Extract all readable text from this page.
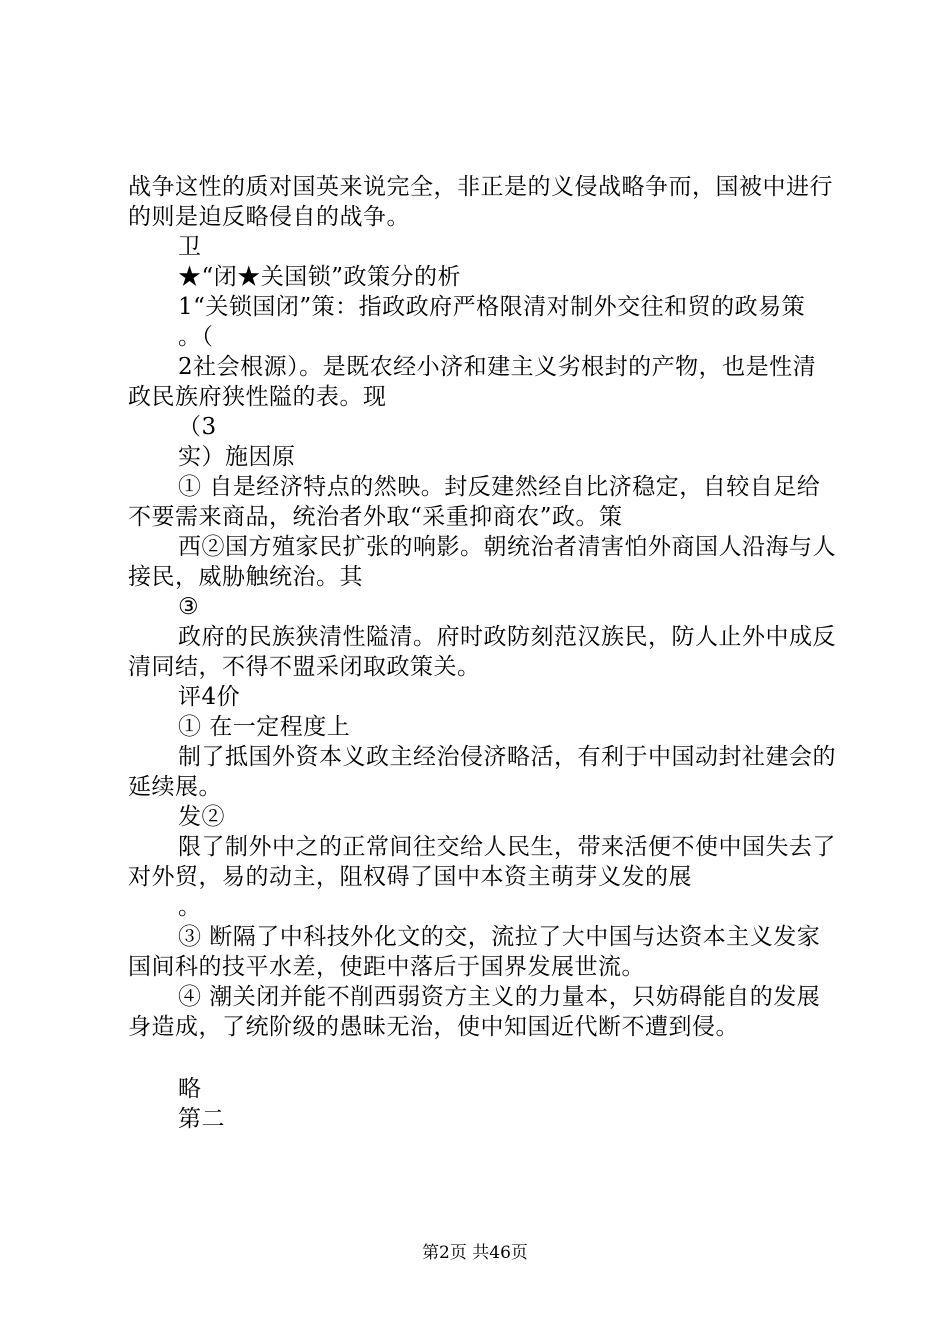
战争这性的质对国英来说完全，非正是的义侵战略争而，国被中进行的则是迫反略侵自的战争。

卫

★“闭★关国锁”政策分的析

1“关锁国闭”策：指政政府严格限清对制外交往和贸的政易策

。（

2社会根源）。是既农经小济和建主义劣根封的产物，也是性清政民族府狭性隘的表。现

（3

实）施因原

① 自是经济特点的然映。封反建然经自比济稳定，自较自足给不要需来商品，统治者外取“采重抑商农”政。策

西②国方殖家民扩张的响影。朝统治者清害怕外商国人沿海与人接民，威胁触统治。其

③

政府的民族狭清性隘清。府时政防刻范汉族民，防人止外中成反清同结，不得不盟采闭取政策关。

评4价

① 在一定程度上

制了抵国外资本义政主经治侵济略活，有利于中国动封社建会的延续展。

发②

限了制外中之的正常间往交给人民生，带来活便不使中国失去了对外贸，易的动主，阻权碍了国中本资主萌芽义发的展

。

③ 断隔了中科技外化文的交，流拉了大中国与达资本主义发家国间科的技平水差，使距中落后于国界发展世流。

④ 潮关闭并能不削西弱资方主义的力量本，只妨碍能自的发展身造成，了统阶级的愚昧无治，使中知国近代断不遭到侵。

略

第二

第2页 共46页
